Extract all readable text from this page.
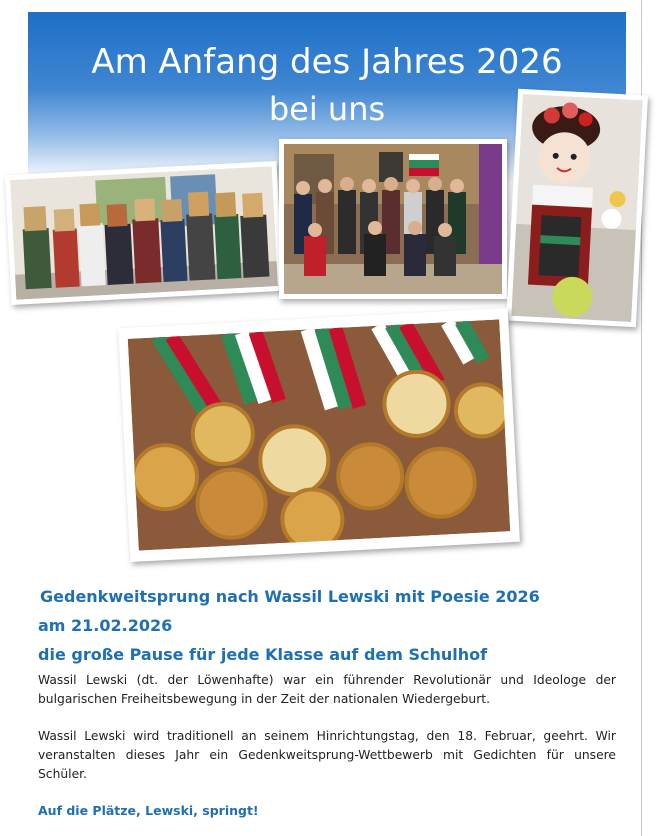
Am Anfang des Jahres 2026
bei uns
Gedenkweitsprung nach Wassil Lewski mit Poesie 2026
am 21.02.2026
die große Pause für jede Klasse auf dem Schulhof
Wassil Lewski (dt. der Löwenhafte) war ein führender Revolutionär und Ideologe der bulgarischen Freiheitsbewegung in der Zeit der nationalen Wiedergeburt.
Wassil Lewski wird traditionell an seinem Hinrichtungstag, den 18. Februar, geehrt. Wir veranstalten dieses Jahr ein Gedenkweitsprung-Wettbewerb mit Gedichten für unsere Schüler.
Auf die Plätze, Lewski, springt!
